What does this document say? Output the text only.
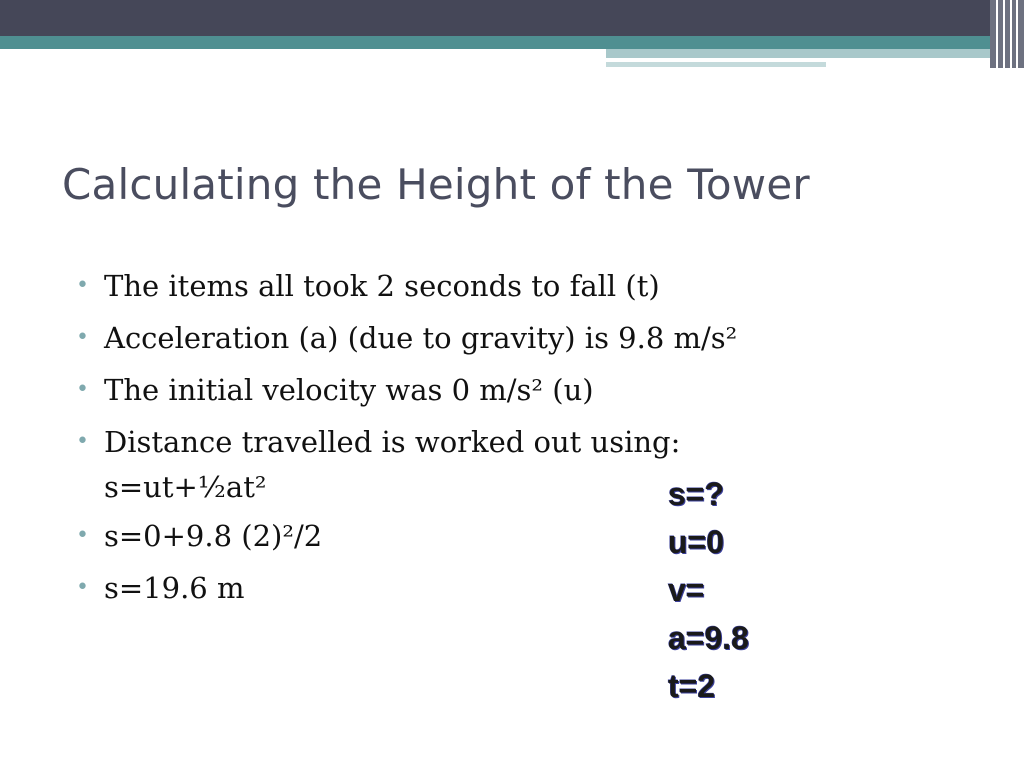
Calculating the Height of the Tower
• The items all took 2 seconds to fall (t)
• Acceleration (a) (due to gravity) is 9.8 m/s²
• The initial velocity was 0 m/s² (u)
• Distance travelled is worked out using:
s=ut+½at²
• s=0+9.8 (2)²/2
• s=19.6 m
s=?
u=0
v=
a=9.8
t=2
